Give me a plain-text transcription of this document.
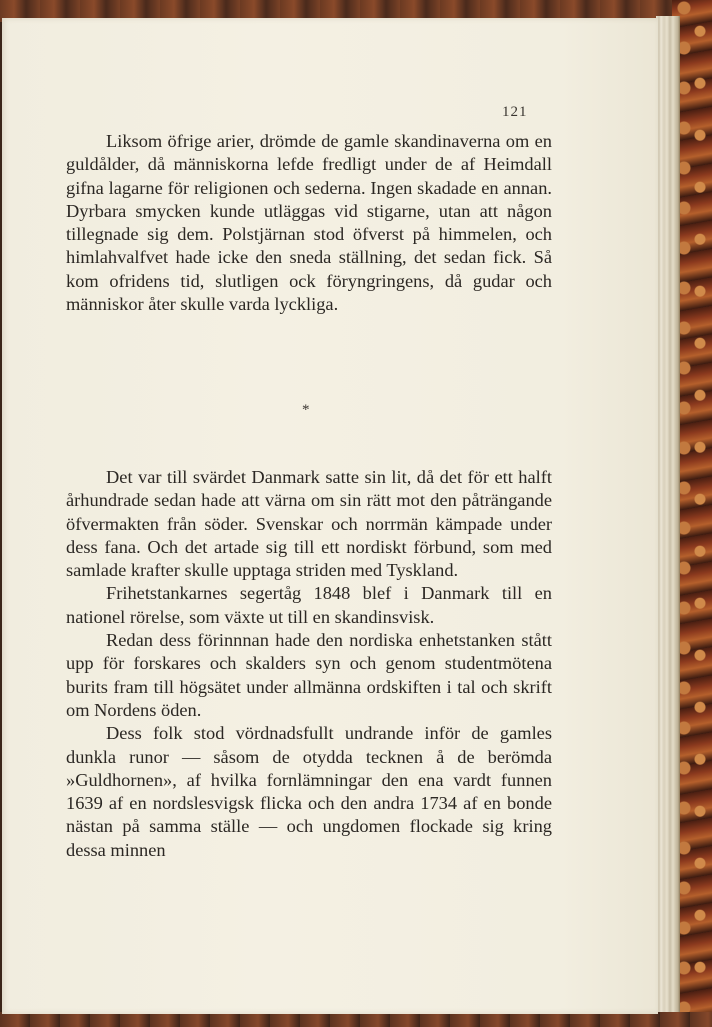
121

Liksom öfrige arier, drömde de gamle skandinaverna om en guldålder, då människorna lefde fredligt under de af Heimdall gifna lagarne för religionen och sederna. Ingen skadade en annan. Dyrbara smycken kunde utläggas vid stigarne, utan att någon tillegnade sig dem. Polstjärnan stod öfverst på himmelen, och himlahvalfvet hade icke den sneda ställning, det sedan fick. Så kom ofridens tid, slutligen ock föryngringens, då gudar och människor åter skulle varda lyckliga.

*

Det var till svärdet Danmark satte sin lit, då det för ett halft århundrade sedan hade att värna om sin rätt mot den påträngande öfvermakten från söder. Svenskar och norrmän kämpade under dess fana. Och det artade sig till ett nordiskt förbund, som med samlade krafter skulle upptaga striden med Tyskland.

Frihetstankarnes segertåg 1848 blef i Danmark till en nationel rörelse, som växte ut till en skandinsvisk.

Redan dess förinnnan hade den nordiska enhetstanken stått upp för forskares och skalders syn och genom studentmötena burits fram till högsätet under allmänna ordskiften i tal och skrift om Nordens öden.

Dess folk stod vördnadsfullt undrande inför de gamles dunkla runor — såsom de otydda tecknen å de berömda »Guldhornen», af hvilka fornlämningar den ena vardt funnen 1639 af en nordslesvigsk flicka och den andra 1734 af en bonde nästan på samma ställe — och ungdomen flockade sig kring dessa minnen
